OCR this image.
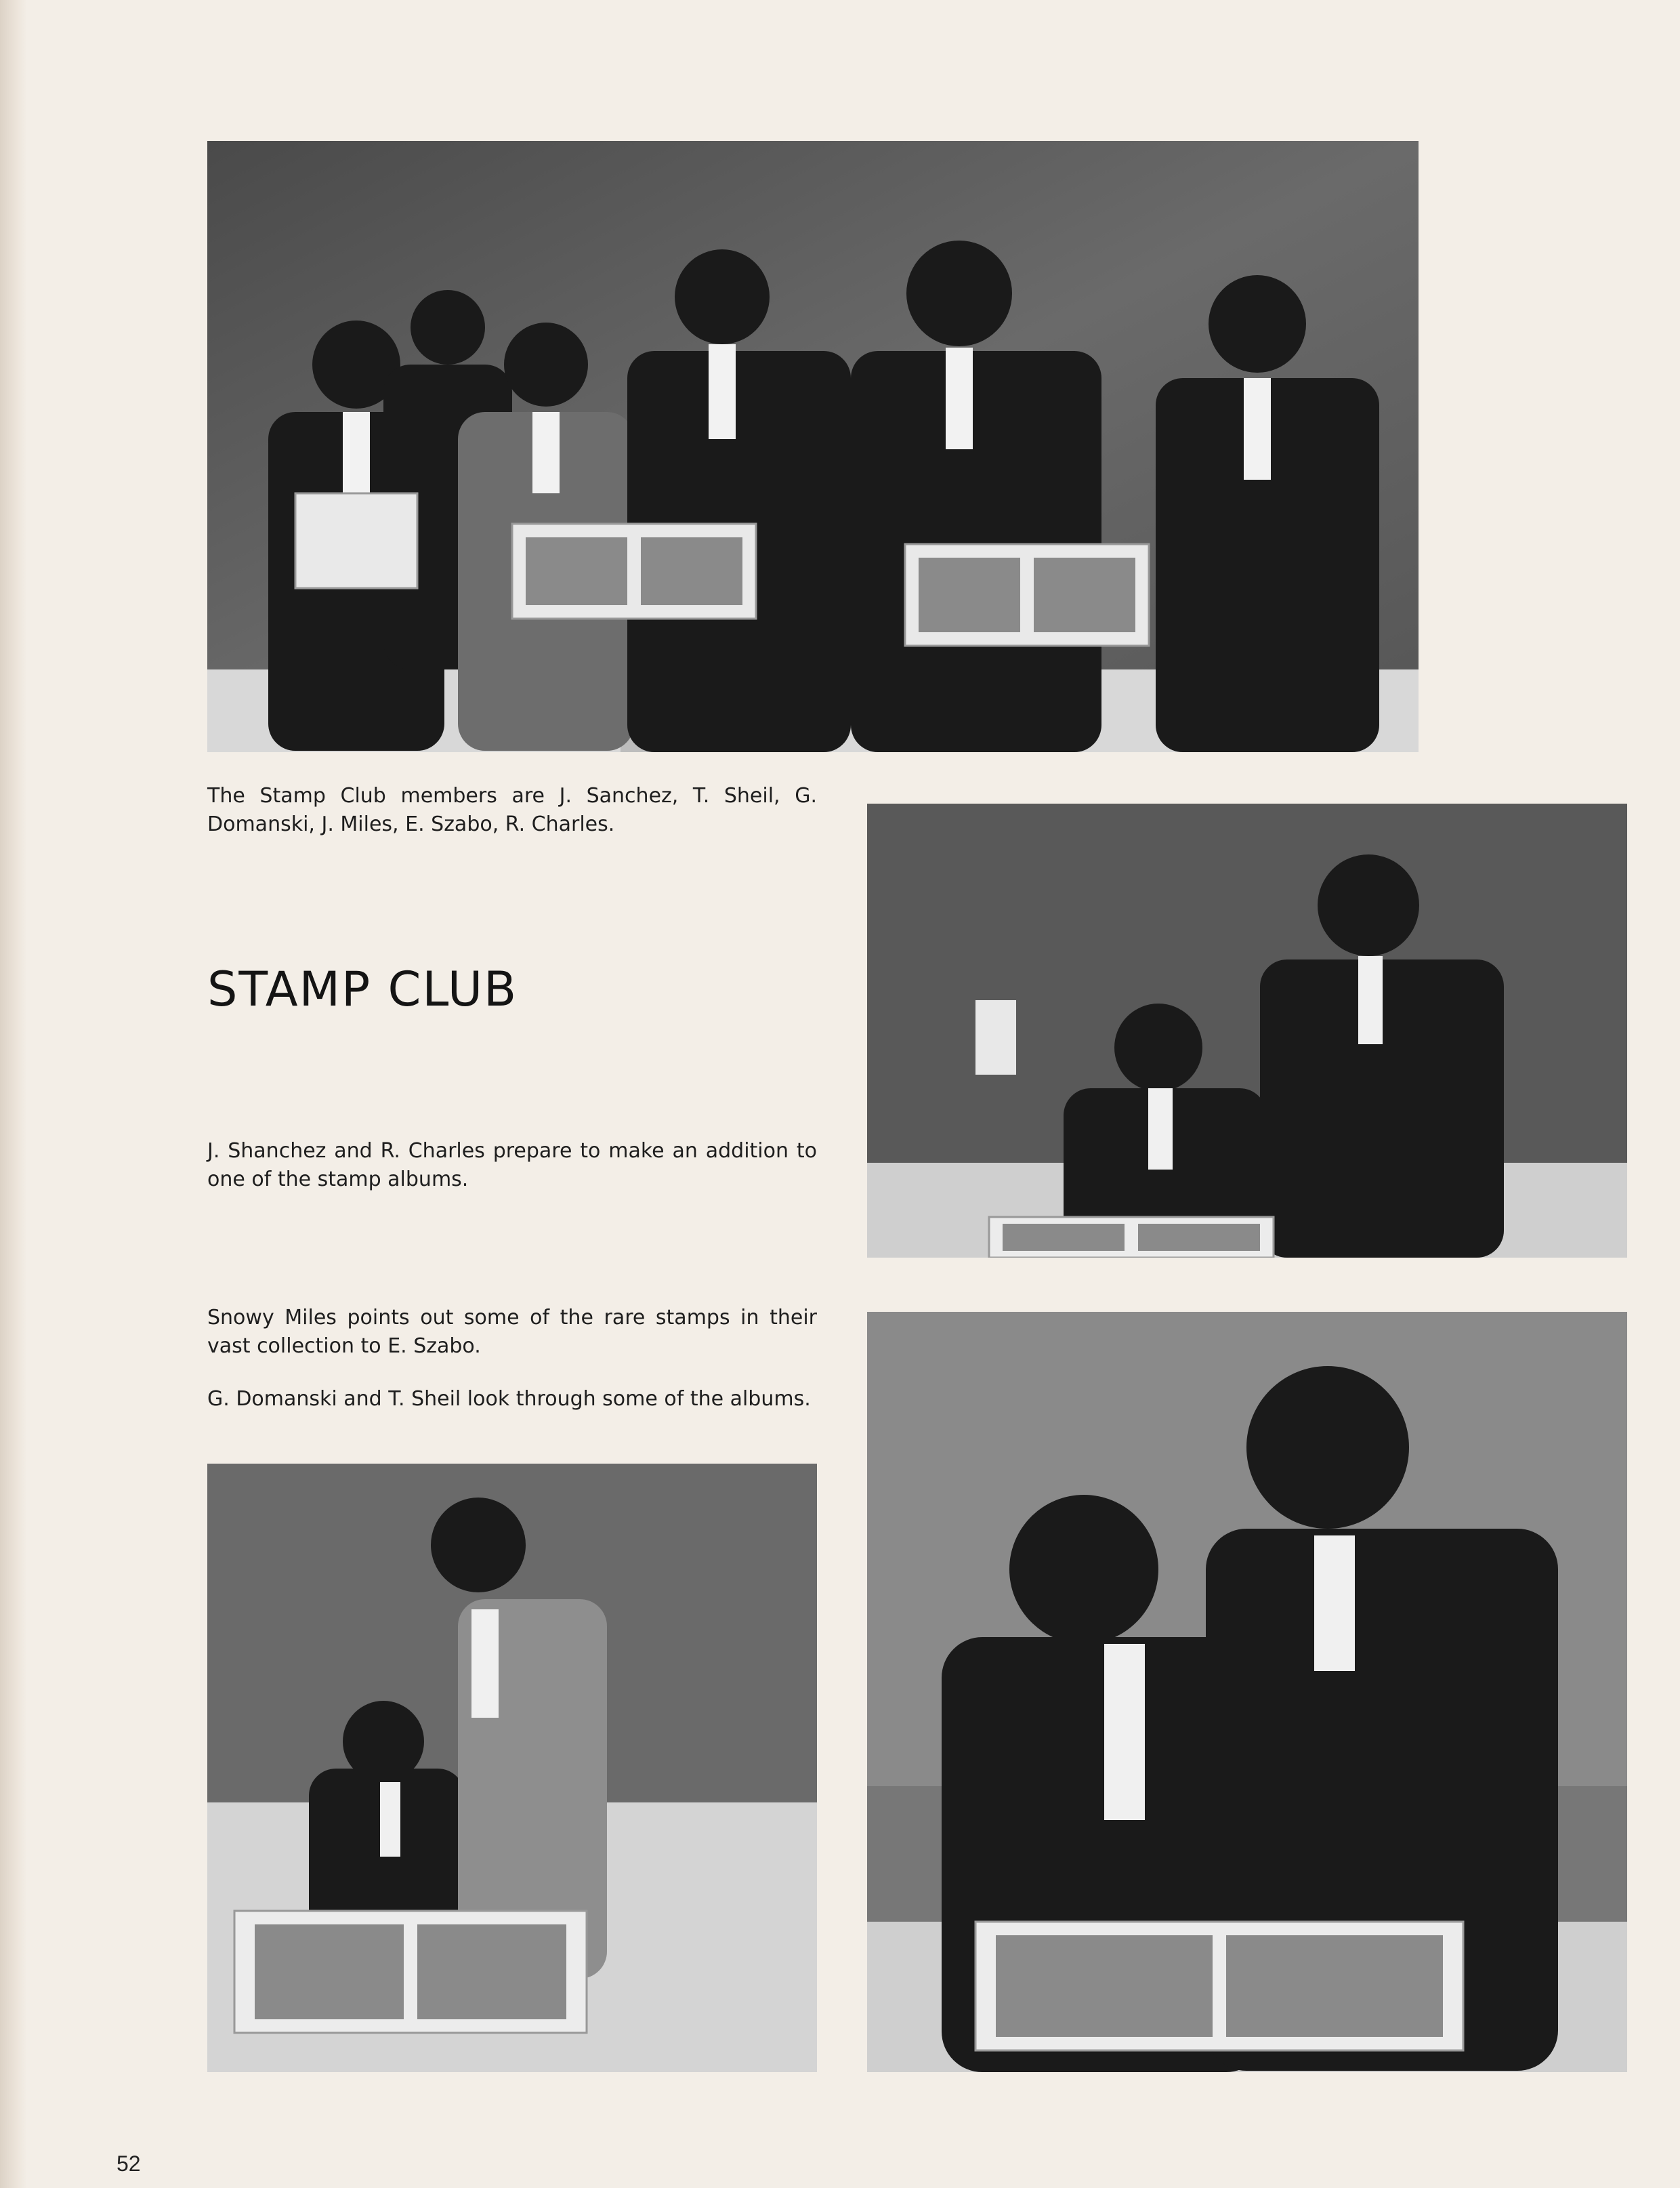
The Stamp Club members are J. Sanchez, T. Sheil, G. Domanski, J. Miles, E. Szabo, R. Charles.

STAMP CLUB

J. Shanchez and R. Charles prepare to make an addition to one of the stamp albums.

Snowy Miles points out some of the rare stamps in their vast collection to E. Szabo.

G. Domanski and T. Sheil look through some of the albums.

52
